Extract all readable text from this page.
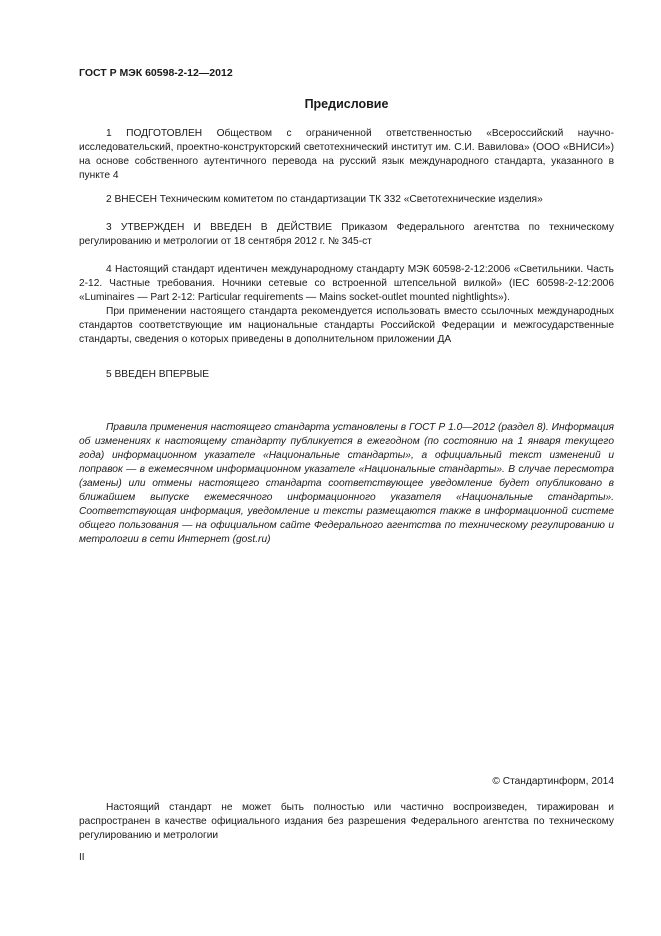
ГОСТ Р МЭК 60598-2-12—2012
Предисловие

1 ПОДГОТОВЛЕН Обществом с ограниченной ответственностью «Всероссийский научно-исследовательский, проектно-конструкторский светотехнический институт им. С.И. Вавилова» (ООО «ВНИСИ») на основе собственного аутентичного перевода на русский язык международного стандарта, указанного в пункте 4

2 ВНЕСЕН Техническим комитетом по стандартизации ТК 332 «Светотехнические изделия»

3 УТВЕРЖДЕН И ВВЕДЕН В ДЕЙСТВИЕ Приказом Федерального агентства по техническому регулированию и метрологии от 18 сентября 2012 г. № 345-ст

4 Настоящий стандарт идентичен международному стандарту МЭК 60598-2-12:2006 «Светильники. Часть 2-12. Частные требования. Ночники сетевые со встроенной штепсельной вилкой» (IEC 60598-2-12:2006 «Luminaires — Part 2-12: Particular requirements — Mains socket-outlet mounted nightlights»).

При применении настоящего стандарта рекомендуется использовать вместо ссылочных международных стандартов соответствующие им национальные стандарты Российской Федерации и межгосударственные стандарты, сведения о которых приведены в дополнительном приложении ДА

5 ВВЕДЕН ВПЕРВЫЕ

Правила применения настоящего стандарта установлены в ГОСТ Р 1.0—2012 (раздел 8). Информация об изменениях к настоящему стандарту публикуется в ежегодном (по состоянию на 1 января текущего года) информационном указателе «Национальные стандарты», а официальный текст изменений и поправок — в ежемесячном информационном указателе «Национальные стандарты». В случае пересмотра (замены) или отмены настоящего стандарта соответствующее уведомление будет опубликовано в ближайшем выпуске ежемесячного информационного указателя «Национальные стандарты». Соответствующая информация, уведомление и тексты размещаются также в информационной системе общего пользования — на официальном сайте Федерального агентства по техническому регулированию и метрологии в сети Интернет (gost.ru)

© Стандартинформ, 2014

Настоящий стандарт не может быть полностью или частично воспроизведен, тиражирован и распространен в качестве официального издания без разрешения Федерального агентства по техническому регулированию и метрологии

II
